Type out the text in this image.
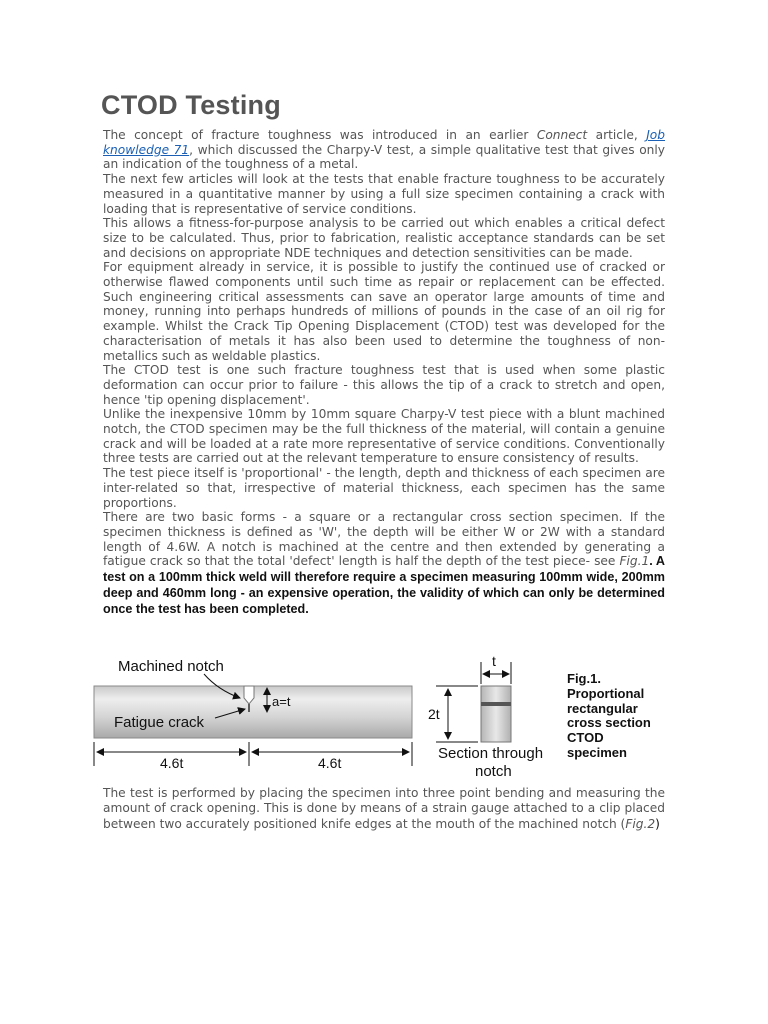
CTOD Testing

The concept of fracture toughness was introduced in an earlier Connect article, Job knowledge 71, which discussed the Charpy-V test, a simple qualitative test that gives only an indication of the toughness of a metal.

The next few articles will look at the tests that enable fracture toughness to be accurately measured in a quantitative manner by using a full size specimen containing a crack with loading that is representative of service conditions.

This allows a fitness-for-purpose analysis to be carried out which enables a critical defect size to be calculated. Thus, prior to fabrication, realistic acceptance standards can be set and decisions on appropriate NDE techniques and detection sensitivities can be made.

For equipment already in service, it is possible to justify the continued use of cracked or otherwise flawed components until such time as repair or replacement can be effected. Such engineering critical assessments can save an operator large amounts of time and money, running into perhaps hundreds of millions of pounds in the case of an oil rig for example. Whilst the Crack Tip Opening Displacement (CTOD) test was developed for the characterisation of metals it has also been used to determine the toughness of non-metallics such as weldable plastics.

The CTOD test is one such fracture toughness test that is used when some plastic deformation can occur prior to failure - this allows the tip of a crack to stretch and open, hence 'tip opening displacement'.

Unlike the inexpensive 10mm by 10mm square Charpy-V test piece with a blunt machined notch, the CTOD specimen may be the full thickness of the material, will contain a genuine crack and will be loaded at a rate more representative of service conditions. Conventionally three tests are carried out at the relevant temperature to ensure consistency of results.

The test piece itself is 'proportional' - the length, depth and thickness of each specimen are inter-related so that, irrespective of material thickness, each specimen has the same proportions.

There are two basic forms - a square or a rectangular cross section specimen. If the specimen thickness is defined as 'W', the depth will be either W or 2W with a standard length of 4.6W. A notch is machined at the centre and then extended by generating a fatigue crack so that the total 'defect' length is half the depth of the test piece- see Fig.1. A test on a 100mm thick weld will therefore require a specimen measuring 100mm wide, 200mm deep and 460mm long - an expensive operation, the validity of which can only be determined once the test has been completed.

a=t
Machined notch
Fatigue crack
4.6t	4.6t
t
2t
Section through
notch
Fig.1.
Proportional
rectangular
cross section
CTOD
specimen

The test is performed by placing the specimen into three point bending and measuring the amount of crack opening. This is done by means of a strain gauge attached to a clip placed between two accurately positioned knife edges at the mouth of the machined notch (Fig.2)
